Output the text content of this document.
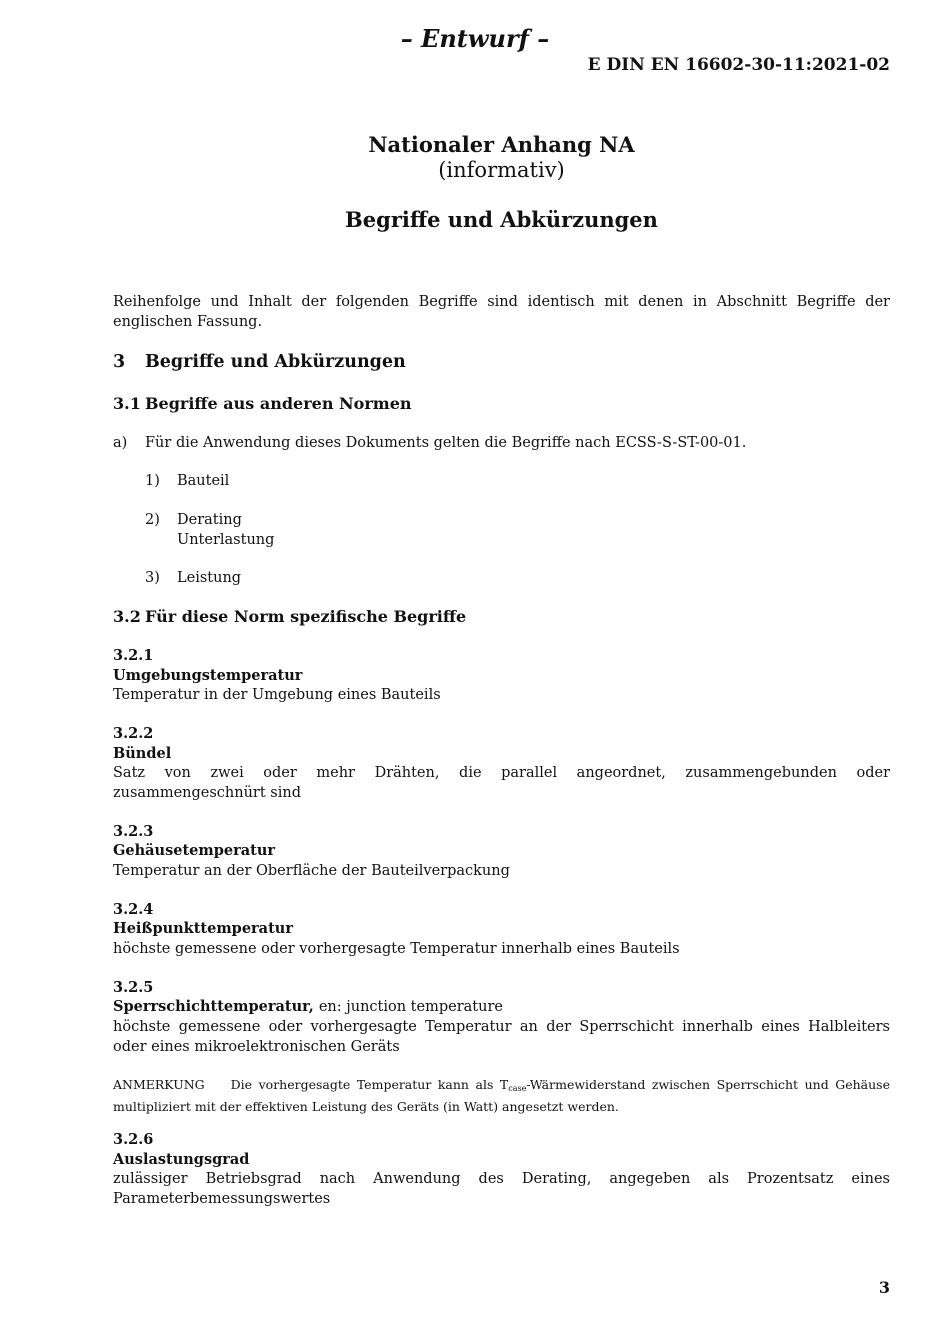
– Entwurf –
E DIN EN 16602-30-11:2021-02
Nationaler Anhang NA
(informativ)
Begriffe und Abkürzungen
Reihenfolge und Inhalt der folgenden Begriffe sind identisch mit denen in Abschnitt Begriffe der englischen Fassung.
3 Begriffe und Abkürzungen
3.1 Begriffe aus anderen Normen
a) Für die Anwendung dieses Dokuments gelten die Begriffe nach ECSS-S-ST-00-01.
1) Bauteil
2) Derating
Unterlastung
3) Leistung
3.2 Für diese Norm spezifische Begriffe
3.2.1
Umgebungstemperatur
Temperatur in der Umgebung eines Bauteils
3.2.2
Bündel
Satz von zwei oder mehr Drähten, die parallel angeordnet, zusammengebunden oder zusammengeschnürt sind
3.2.3
Gehäusetemperatur
Temperatur an der Oberfläche der Bauteilverpackung
3.2.4
Heißpunkttemperatur
höchste gemessene oder vorhergesagte Temperatur innerhalb eines Bauteils
3.2.5
Sperrschichttemperatur, en: junction temperature
höchste gemessene oder vorhergesagte Temperatur an der Sperrschicht innerhalb eines Halbleiters oder eines mikroelektronischen Geräts
ANMERKUNG Die vorhergesagte Temperatur kann als $T_{case}$-Wärmewiderstand zwischen Sperrschicht und Gehäuse multipliziert mit der effektiven Leistung des Geräts (in Watt) angesetzt werden.
3.2.6
Auslastungsgrad
zulässiger Betriebsgrad nach Anwendung des Derating, angegeben als Prozentsatz eines Parameterbemessungswertes
3
